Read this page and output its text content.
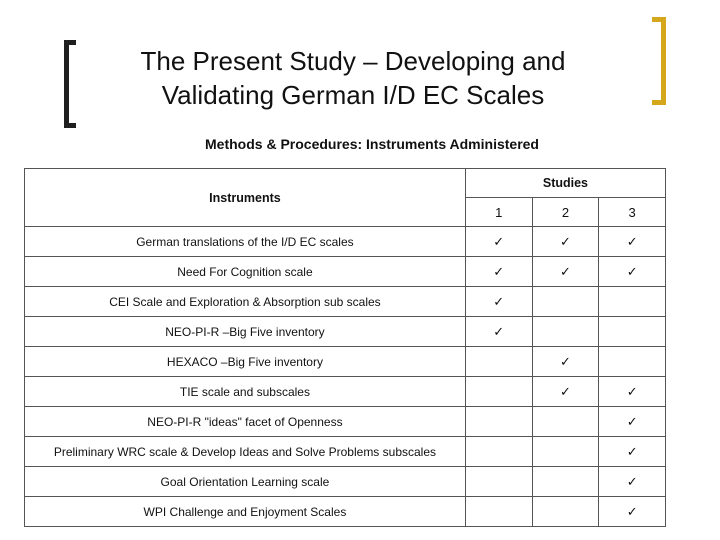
The Present Study – Developing and Validating German I/D EC Scales
Methods & Procedures: Instruments Administered
Instruments	Studies		
	1	2	3
German translations of the I/D EC scales	✓	✓	✓
Need For Cognition scale	✓	✓	✓
CEI Scale and Exploration & Absorption sub scales	✓		
NEO-PI-R –Big Five inventory	✓		
HEXACO –Big Five inventory		✓	
TIE scale and subscales		✓	✓
NEO-PI-R "ideas" facet of Openness			✓
Preliminary WRC scale & Develop Ideas and Solve Problems subscales			✓
Goal Orientation Learning scale			✓
WPI Challenge and Enjoyment Scales			✓
